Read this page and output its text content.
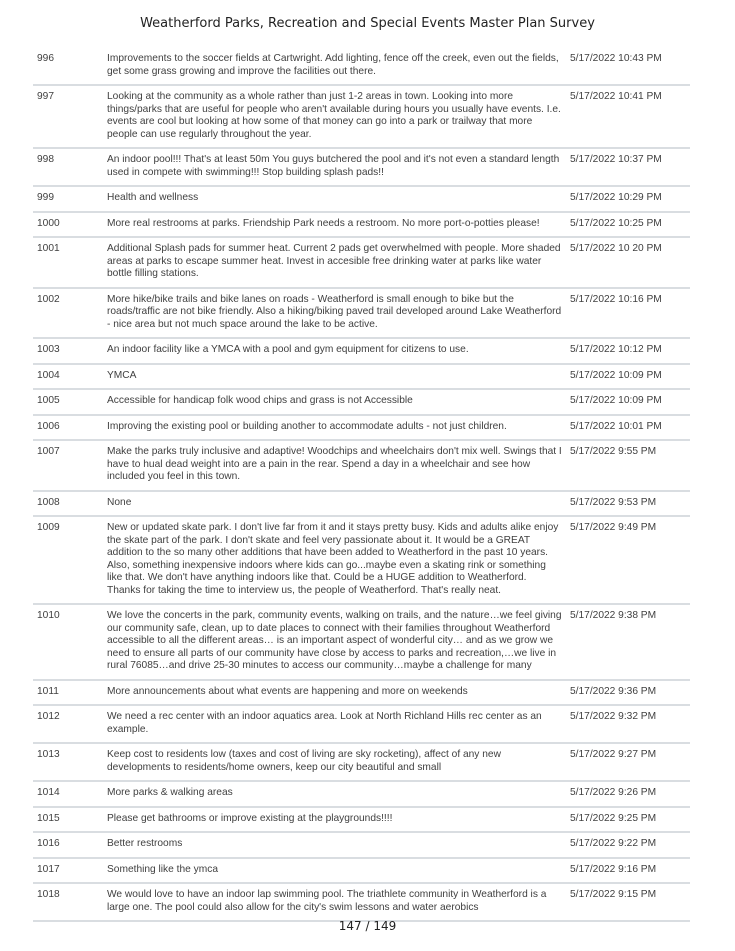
Weatherford Parks, Recreation and Special Events Master Plan Survey
996	Improvements to the soccer fields at Cartwright. Add lighting, fence off the creek, even out the fields, get some grass growing and improve the facilities out there.	5/17/2022 10:43 PM
997	Looking at the community as a whole rather than just 1-2 areas in town. Looking into more things/parks that are useful for people who aren't available during hours you usually have events. I.e. events are cool but looking at how some of that money can go into a park or trailway that more people can use regularly throughout the year.	5/17/2022 10:41 PM
998	An indoor pool!!! That's at least 50m You guys butchered the pool and it's not even a standard length used in compete with swimming!!! Stop building splash pads!!	5/17/2022 10:37 PM
999	Health and wellness	5/17/2022 10:29 PM
1000	More real restrooms at parks. Friendship Park needs a restroom. No more port-o-potties please!	5/17/2022 10:25 PM
1001	Additional Splash pads for summer heat. Current 2 pads get overwhelmed with people. More shaded areas at parks to escape summer heat. Invest in accesible free drinking water at parks like water bottle filling stations.	5/17/2022 10 20 PM
1002	More hike/bike trails and bike lanes on roads - Weatherford is small enough to bike but the roads/traffic are not bike friendly. Also a hiking/biking paved trail developed around Lake Weatherford - nice area but not much space around the lake to be active.	5/17/2022 10:16 PM
1003	An indoor facility like a YMCA with a pool and gym equipment for citizens to use.	5/17/2022 10:12 PM
1004	YMCA	5/17/2022 10:09 PM
1005	Accessible for handicap folk wood chips and grass is not Accessible	5/17/2022 10:09 PM
1006	Improving the existing pool or building another to accommodate adults - not just children.	5/17/2022 10:01 PM
1007	Make the parks truly inclusive and adaptive! Woodchips and wheelchairs don't mix well. Swings that I have to hual dead weight into are a pain in the rear. Spend a day in a wheelchair and see how included you feel in this town.	5/17/2022 9:55 PM
1008	None	5/17/2022 9:53 PM
1009	New or updated skate park. I don't live far from it and it stays pretty busy. Kids and adults alike enjoy the skate part of the park. I don't skate and feel very passionate about it. It would be a GREAT addition to the so many other additions that have been added to Weatherford in the past 10 years. Also, something inexpensive indoors where kids can go...maybe even a skating rink or something like that. We don't have anything indoors like that. Could be a HUGE addition to Weatherford. Thanks for taking the time to interview us, the people of Weatherford. That's really neat.	5/17/2022 9:49 PM
1010	We love the concerts in the park, community events, walking on trails, and the nature…we feel giving our community safe, clean, up to date places to connect with their families throughout Weatherford accessible to all the different areas… is an important aspect of wonderful city… and as we grow we need to ensure all parts of our community have close by access to parks and recreation,…we live in rural 76085…and drive 25-30 minutes to access our community…maybe a challenge for many	5/17/2022 9:38 PM
1011	More announcements about what events are happening and more on weekends	5/17/2022 9:36 PM
1012	We need a rec center with an indoor aquatics area. Look at North Richland Hills rec center as an example.	5/17/2022 9:32 PM
1013	Keep cost to residents low (taxes and cost of living are sky rocketing), affect of any new developments to residents/home owners, keep our city beautiful and small	5/17/2022 9:27 PM
1014	More parks & walking areas	5/17/2022 9:26 PM
1015	Please get bathrooms or improve existing at the playgrounds!!!!	5/17/2022 9:25 PM
1016	Better restrooms	5/17/2022 9:22 PM
1017	Something like the ymca	5/17/2022 9:16 PM
1018	We would love to have an indoor lap swimming pool. The triathlete community in Weatherford is a large one. The pool could also allow for the city's swim lessons and water aerobics	5/17/2022 9:15 PM
147 / 149
